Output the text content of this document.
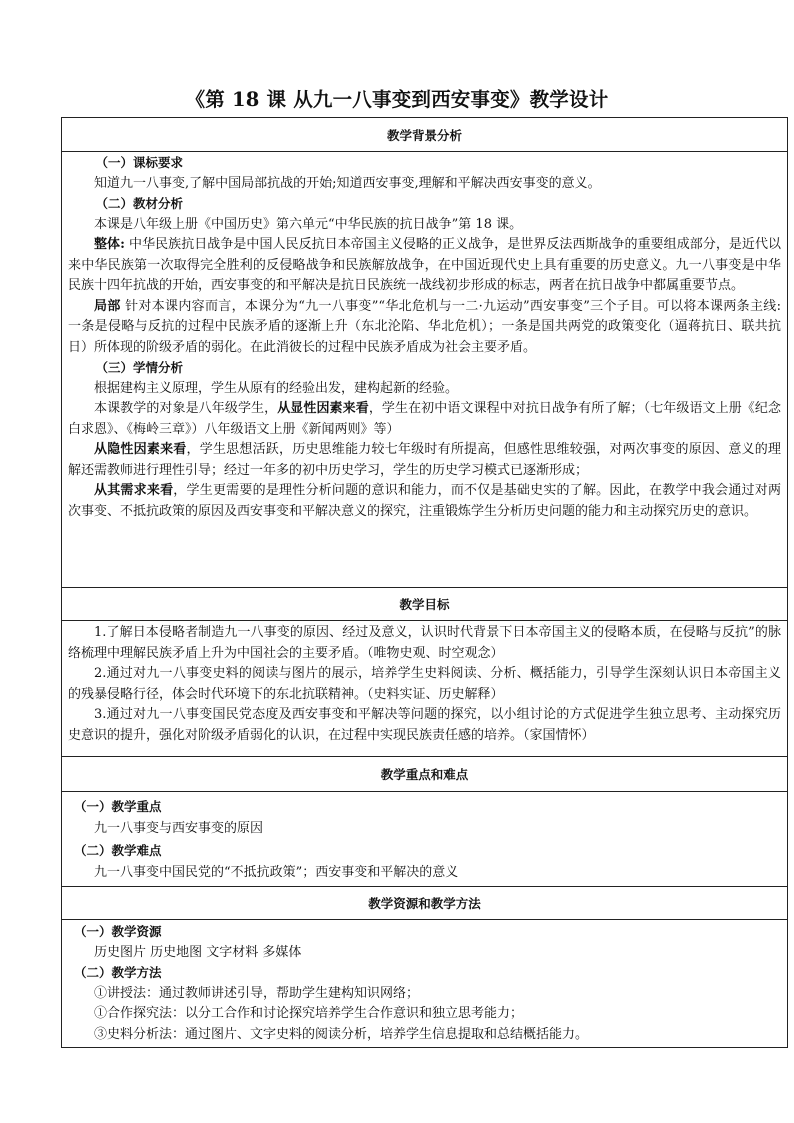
《第 18 课 从九一八事变到西安事变》教学设计
教学背景分析

（一）课标要求
知道九一八事变,了解中国局部抗战的开始;知道西安事变,理解和平解决西安事变的意义。
（二）教材分析
本课是八年级上册《中国历史》第六单元“中华民族的抗日战争”第 18 课。
整体: 中华民族抗日战争是中国人民反抗日本帝国主义侵略的正义战争，是世界反法西斯战争的重要组成部分，是近代以来中华民族第一次取得完全胜利的反侵略战争和民族解放战争，在中国近现代史上具有重要的历史意义。九一八事变是中华民族十四年抗战的开始，西安事变的和平解决是抗日民族统一战线初步形成的标志，两者在抗日战争中都属重要节点。
局部 针对本课内容而言，本课分为“九一八事变”“华北危机与一二·九运动”西安事变”三个子目。可以将本课两条主线: 一条是侵略与反抗的过程中民族矛盾的逐渐上升（东北沦陷、华北危机）；一条是国共两党的政策变化（逼蒋抗日、联共抗日）所体现的阶级矛盾的弱化。在此消彼长的过程中民族矛盾成为社会主要矛盾。
（三）学情分析
根据建构主义原理，学生从原有的经验出发，建构起新的经验。
本课教学的对象是八年级学生，从显性因素来看，学生在初中语文课程中对抗日战争有所了解；（七年级语文上册《纪念白求恩》、《梅岭三章》）八年级语文上册《新闻两则》等）
从隐性因素来看，学生思想活跃，历史思维能力较七年级时有所提高，但感性思维较强，对两次事变的原因、意义的理解还需教师进行理性引导；经过一年多的初中历史学习，学生的历史学习模式已逐渐形成；
从其需求来看，学生更需要的是理性分析问题的意识和能力，而不仅是基础史实的了解。因此，在教学中我会通过对两次事变、不抵抗政策的原因及西安事变和平解决意义的探究，注重锻炼学生分析历史问题的能力和主动探究历史的意识。

教学目标

1.了解日本侵略者制造九一八事变的原因、经过及意义，认识时代背景下日本帝国主义的侵略本质，在侵略与反抗”的脉络梳理中理解民族矛盾上升为中国社会的主要矛盾。（唯物史观、时空观念）
2.通过对九一八事变史料的阅读与图片的展示，培养学生史料阅读、分析、概括能力，引导学生深刻认识日本帝国主义的残暴侵略行径，体会时代环境下的东北抗联精神。（史料实证、历史解释）
3.通过对九一八事变国民党态度及西安事变和平解决等问题的探究，以小组讨论的方式促进学生独立思考、主动探究历史意识的提升，强化对阶级矛盾弱化的认识，在过程中实现民族责任感的培养。（家国情怀）

教学重点和难点

（一）教学重点
九一八事变与西安事变的原因
（二）教学难点
九一八事变中国民党的“不抵抗政策”；西安事变和平解决的意义

教学资源和教学方法

（一）教学资源
历史图片 历史地图 文字材料 多媒体
（二）教学方法
①讲授法：通过教师讲述引导，帮助学生建构知识网络；
①合作探究法：以分工合作和讨论探究培养学生合作意识和独立思考能力；
③史料分析法：通过图片、文字史料的阅读分析，培养学生信息提取和总结概括能力。
